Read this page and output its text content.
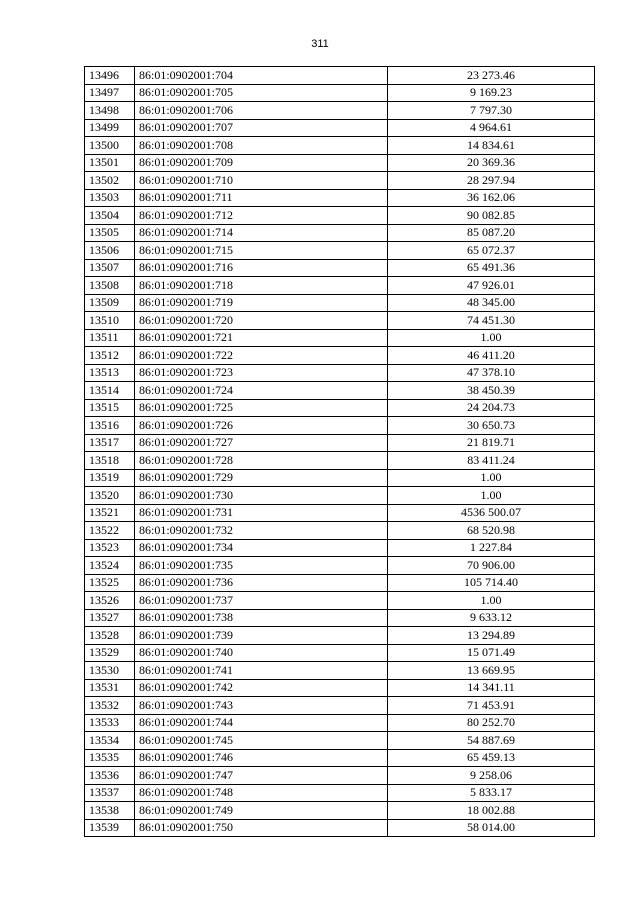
311
13496	86:01:0902001:704	23 273.46
13497	86:01:0902001:705	9 169.23
13498	86:01:0902001:706	7 797.30
13499	86:01:0902001:707	4 964.61
13500	86:01:0902001:708	14 834.61
13501	86:01:0902001:709	20 369.36
13502	86:01:0902001:710	28 297.94
13503	86:01:0902001:711	36 162.06
13504	86:01:0902001:712	90 082.85
13505	86:01:0902001:714	85 087.20
13506	86:01:0902001:715	65 072.37
13507	86:01:0902001:716	65 491.36
13508	86:01:0902001:718	47 926.01
13509	86:01:0902001:719	48 345.00
13510	86:01:0902001:720	74 451.30
13511	86:01:0902001:721	1.00
13512	86:01:0902001:722	46 411.20
13513	86:01:0902001:723	47 378.10
13514	86:01:0902001:724	38 450.39
13515	86:01:0902001:725	24 204.73
13516	86:01:0902001:726	30 650.73
13517	86:01:0902001:727	21 819.71
13518	86:01:0902001:728	83 411.24
13519	86:01:0902001:729	1.00
13520	86:01:0902001:730	1.00
13521	86:01:0902001:731	4536 500.07
13522	86:01:0902001:732	68 520.98
13523	86:01:0902001:734	1 227.84
13524	86:01:0902001:735	70 906.00
13525	86:01:0902001:736	105 714.40
13526	86:01:0902001:737	1.00
13527	86:01:0902001:738	9 633.12
13528	86:01:0902001:739	13 294.89
13529	86:01:0902001:740	15 071.49
13530	86:01:0902001:741	13 669.95
13531	86:01:0902001:742	14 341.11
13532	86:01:0902001:743	71 453.91
13533	86:01:0902001:744	80 252.70
13534	86:01:0902001:745	54 887.69
13535	86:01:0902001:746	65 459.13
13536	86:01:0902001:747	9 258.06
13537	86:01:0902001:748	5 833.17
13538	86:01:0902001:749	18 002.88
13539	86:01:0902001:750	58 014.00
